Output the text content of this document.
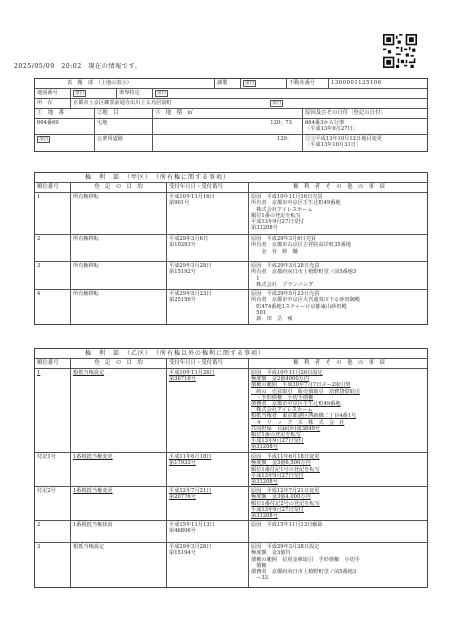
2025/05/09　20:02　現在の情報です。
表　題　部　（土地の表示）	調製	余白	不動産番号	1300001125106
地図番号	余白	筆界特定	余白
所　在	京都市上京区御霊前通寺出川上る烏居前町　　　　　　　　　　　　　　　　　　　	余白
①　地　番	②地　目	③　地　積　㎡	原因及びその日付〔登記の日付〕
664番69	宅地	120：73	664番3から分筆
〔平成13年9月27日〕
余白	公衆用道路	120：	②③平成13年10月12日地目変更
〔平成13年10月31日〕
権　利　部　（甲区）　（所有権に関する事項）
順位番号	登　記　の　目　的	受付年月日・受付番号	権　利　者　そ　の　他　の　事　項
1	所有権移転	平成10年11月16日
第901号
原因　平成10年11月16日売買
所有者　京都市中京区壬生辻町49番地
　株式会社アイレスホーム
順位1番の登記を転写
平成13年9月27日受付
第31208号
2	所有権移転	平成29年3月6日
第10293号
原因　平成29年3月6日売買
所有者　京都市右京区吉祥院高岸町35番地
　　金　谷　紗　織
3	所有権移転	平成29年3月28日
第15192号
原因　平成29年3月28日売買
所有者　京都府向日市上植野町堂ノ前5番地3
　1
　株式会社　プランニング
4	所有権移転	平成29年5月23日
第25156号
原因　平成29年5月23日売買
所有者　京都市中京区大宮通夷川下る砂田御殿
　町474番地1スティーロ京都東山砂田殿
　501
　新　田　岳　雍
権　利　部　（乙区）　（所有権以外の権利に関する事項）
順位番号	登　記　の　目　的	受付年月日・受付番号	権　利　者　そ　の　他　の　事　項
1	根抵当権設定	平成10年11月26日
第36716号
原因　平成10年11月26日設定
極度額　金2億4000万円
債権の範囲　平成10年7月7日ヨー2取引契
　約の　売買取引　販売債取引　消費貸借取引
　・手形債権　小切手債権
債務者　京都市中京区壬生辻町49番地
　株式会社アイレスホーム
根抵当権者　東京都港区西新橋二丁目4番1号
　オ　リ　ッ　ク　ス　株　式　会　社
共同担保　目録(か)第3849号
順位1番の登記を転写
平成13年9月27日受付
第31208号
付記1号	1番根抵当権変更	平成11年6月18日
第17933号
原因　平成11年6月18日変更
極度額　金3億6,500万円
順位1番付記1号の登記を転写
平成13年9月27日受付
第31208号
付記2号	1番根抵当権変更	平成12年7月21日
第20776号
原因　平成12年7月21日変更
極度額　金3億4,000万円
順位1番付記2号の登記を転写
平成13年9月27日受付
第31208号
2	1番根抵当権抹消	平成15年11月13日
第46806号
原因　平成15年11月13日解除
3	根抵当権設定	平成29年3月28日
第15194号
原因　平成29年3月28日設定
極度額　金3億円
債権の範囲　信用金庫取引　手形債権　小切手
　債権
債務者　京都府向日市上植野町堂ノ前5番地3
　ー33
